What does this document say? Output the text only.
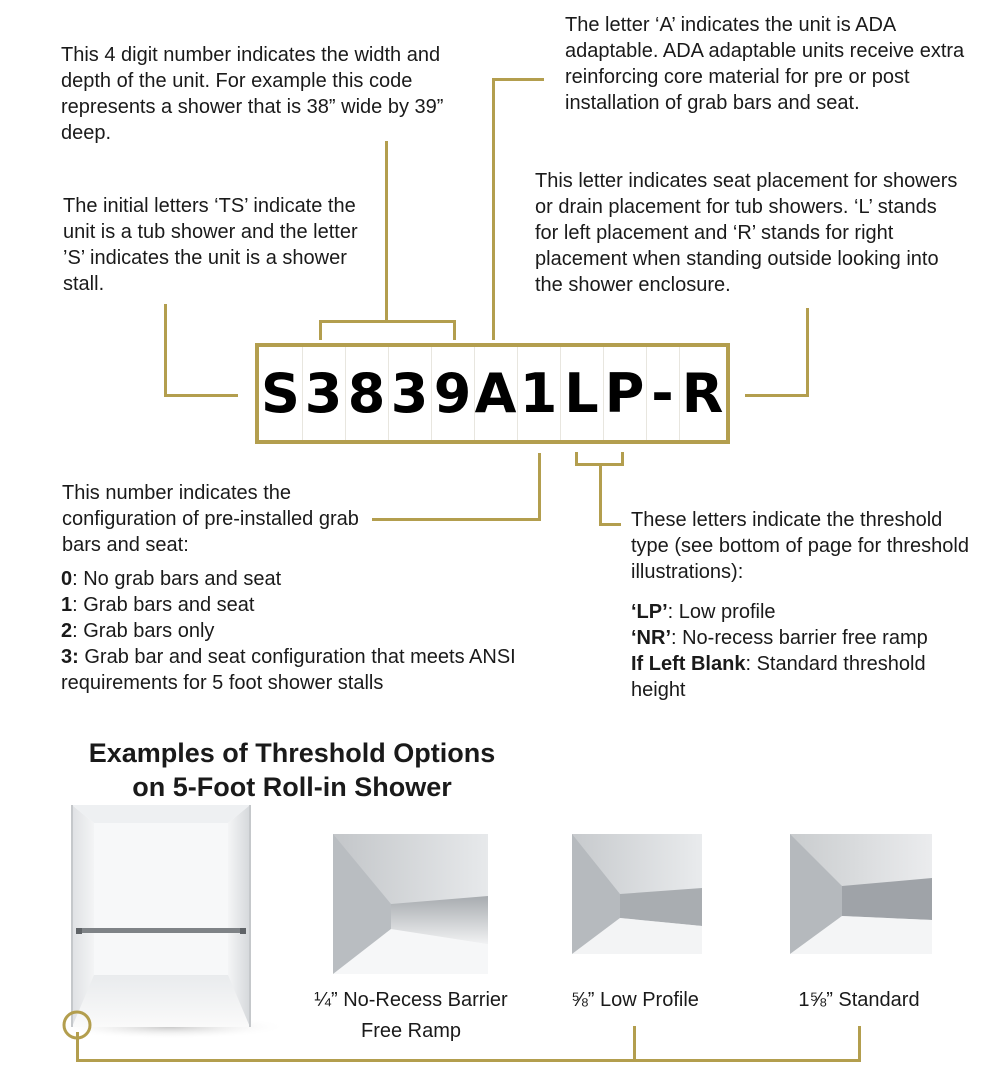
This 4 digit number indicates the width and depth of the unit. For example this code represents a shower that is 38” wide by 39” deep.

The initial letters ‘TS’ indicate the unit is a tub shower and the letter ’S’ indicates the unit is a shower stall.

The letter ‘A’ indicates the unit is ADA adaptable. ADA adaptable units receive extra reinforcing core material for pre or post installation of grab bars and seat.

This letter indicates seat placement for showers or drain placement for tub showers. ‘L’ stands for left placement and ‘R’ stands for right placement when standing outside looking into the shower enclosure.

S 3 8 3 9 A 1 L P - R
This number indicates the configuration of pre-installed grab bars and seat:
0: No grab bars and seat
1: Grab bars and seat
2: Grab bars only
3: Grab bar and seat configuration that meets ANSI requirements for 5 foot shower stalls
These letters indicate the threshold type (see bottom of page for threshold illustrations):
‘LP’: Low profile
‘NR’: No-recess barrier free ramp
If Left Blank: Standard threshold height
Examples of Threshold Options
on 5-Foot Roll-in Shower
¼” No-Recess Barrier
Free Ramp
⅝” Low Profile	1⅝” Standard
